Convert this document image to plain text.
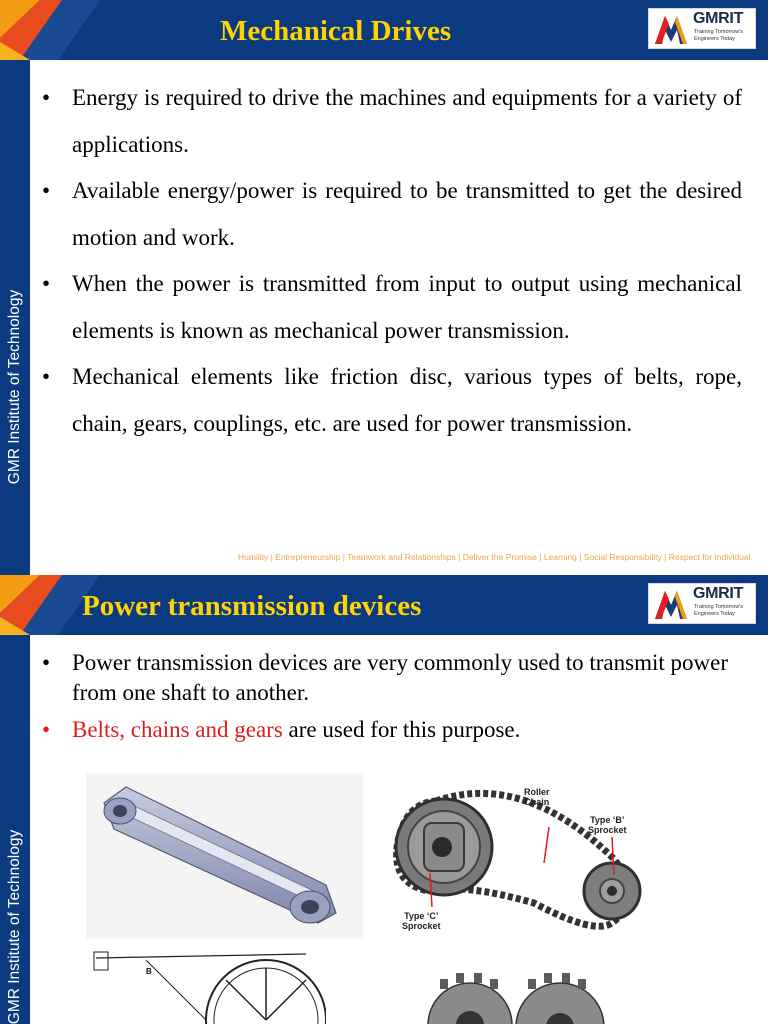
Mechanical Drives	GMRIT
Training Tomorrow's Engineers Today
GMR Institute of Technology
• Energy is required to drive the machines and equipments for a variety of applications.
• Available energy/power is required to be transmitted to get the desired motion and work.
• When the power is transmitted from input to output using mechanical elements is known as mechanical power transmission.
• Mechanical elements like friction disc, various types of belts, rope, chain, gears, couplings, etc. are used for power transmission.
Humility | Entrepreneurship | Teamwork and Relationships | Deliver the Promise | Learning | Social Responsibility | Respect for Individual
Power transmission devices	GMRIT
Training Tomorrow's Engineers Today
GMR Institute of Technology
• Power transmission devices are very commonly used to transmit power from one shaft to another.
• Belts, chains and gears are used for this purpose.
Roller
Chain
Type ‘B’
Sprocket
Type ‘C’
Sprocket
B
